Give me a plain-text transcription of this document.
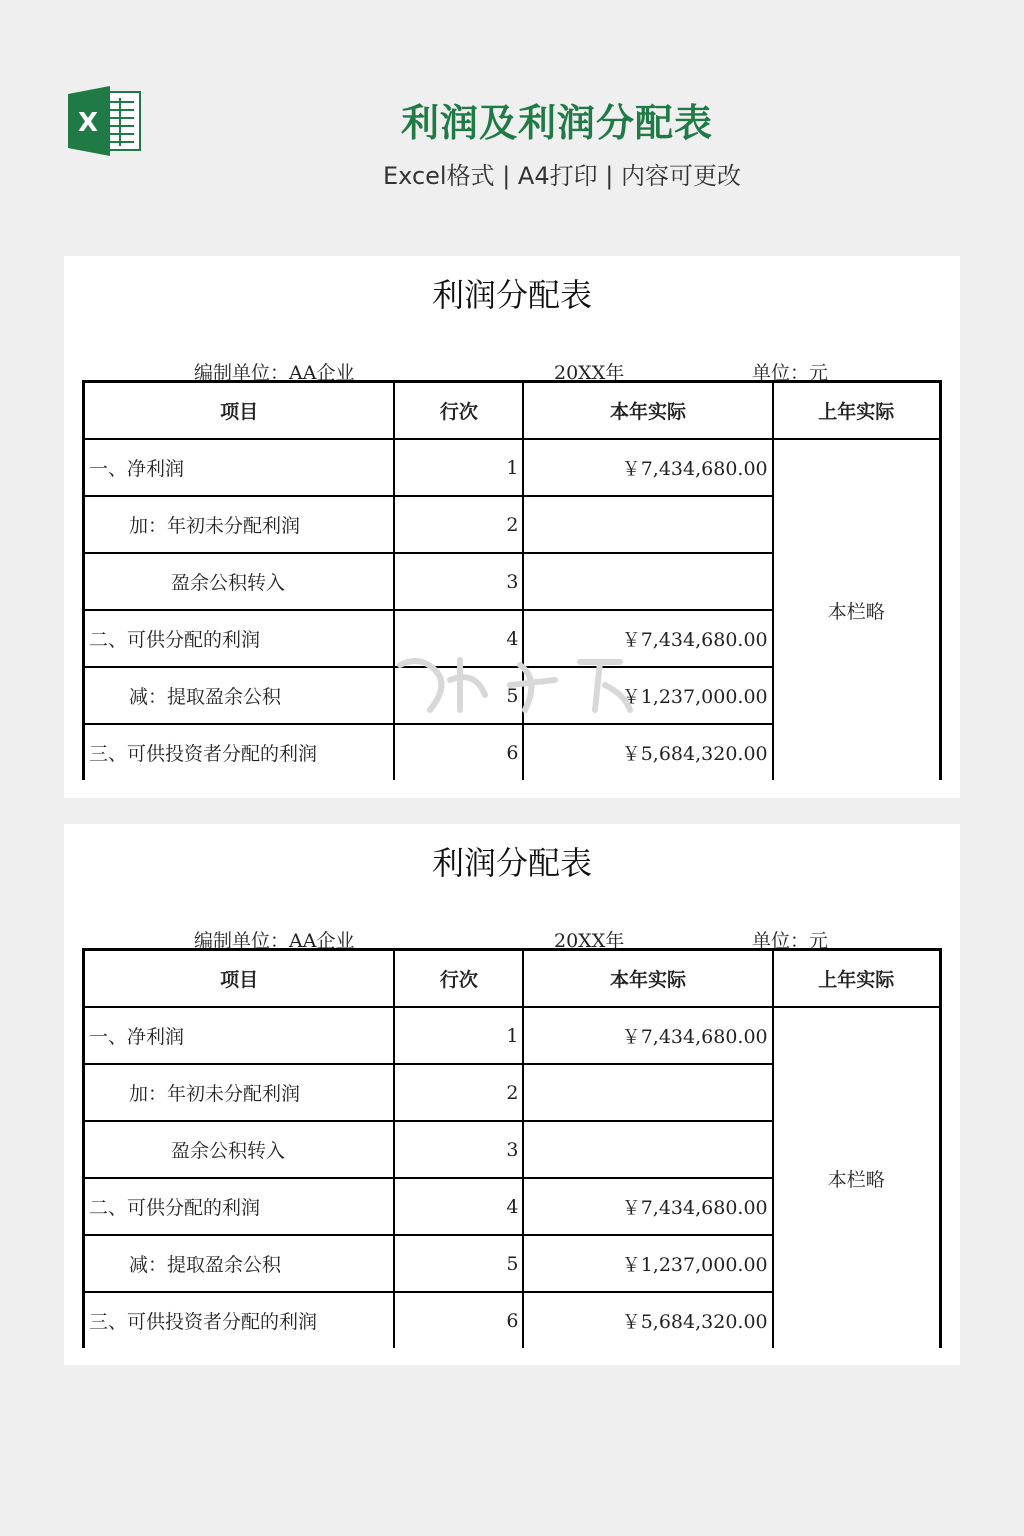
X	利润及利润分配表
Excel格式 | A4打印 | 内容可更改
利润分配表
编制单位：AA企业	20XX年	单位：元
项目	行次	本年实际	上年实际
一、净利润	1	￥7,434,680.00	本栏略
加：年初未分配利润	2		
盈余公积转入	3		
二、可供分配的利润	4	￥7,434,680.00	
减：提取盈余公积	5	￥1,237,000.00	
三、可供投资者分配的利润	6	￥5,684,320.00	
利润分配表
编制单位：AA企业	20XX年	单位：元
项目	行次	本年实际	上年实际
一、净利润	1	￥7,434,680.00	本栏略
加：年初未分配利润	2		
盈余公积转入	3		
二、可供分配的利润	4	￥7,434,680.00	
减：提取盈余公积	5	￥1,237,000.00	
三、可供投资者分配的利润	6	￥5,684,320.00	
